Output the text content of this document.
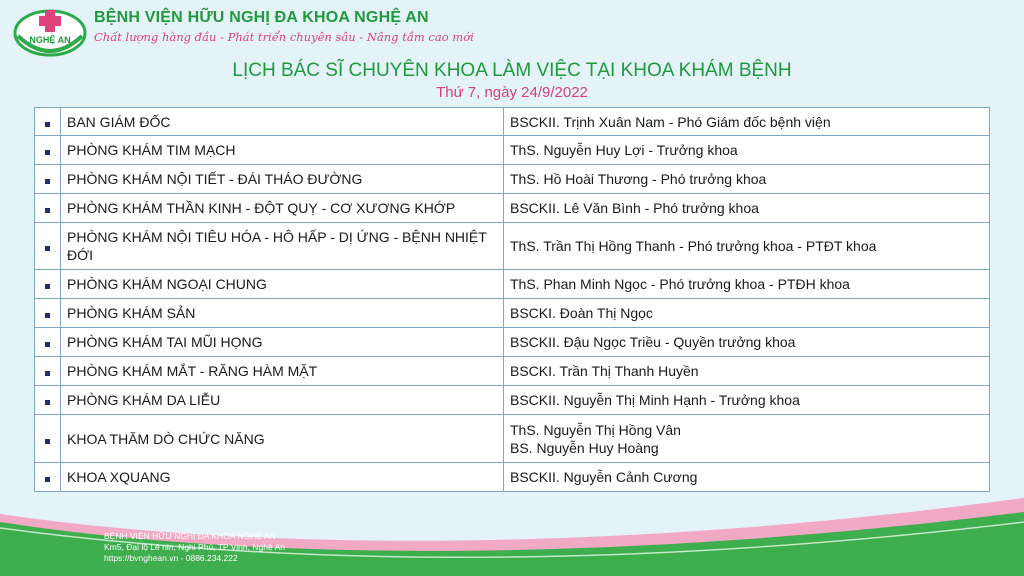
NGHỆ AN
BỆNH VIỆN HỮU NGHỊ ĐA KHOA NGHỆ AN
Chất lượng hàng đầu - Phát triển chuyên sâu - Nâng tầm cao mới
LỊCH BÁC SĨ CHUYÊN KHOA LÀM VIỆC TẠI KHOA KHÁM BỆNH
Thứ 7, ngày 24/9/2022
	BAN GIÁM ĐỐC	BSCKII. Trịnh Xuân Nam - Phó Giám đốc bệnh viện
	PHÒNG KHÁM TIM MẠCH	ThS. Nguyễn Huy Lợi - Trưởng khoa
	PHÒNG KHÁM NỘI TIẾT - ĐÁI THÁO ĐƯỜNG	ThS. Hồ Hoài Thương - Phó trưởng khoa
	PHÒNG KHÁM THẦN KINH - ĐỘT QUỴ - CƠ XƯƠNG KHỚP	BSCKII. Lê Văn Bình - Phó trưởng khoa
	PHÒNG KHÁM NỘI TIÊU HÓA - HÔ HẤP - DỊ ỨNG - BỆNH NHIỆT ĐỚI	ThS. Trần Thị Hồng Thanh - Phó trưởng khoa - PTĐT khoa
	PHÒNG KHÁM NGOẠI CHUNG	ThS. Phan Minh Ngọc - Phó trưởng khoa - PTĐH khoa
	PHÒNG KHÁM SẢN	BSCKI. Đoàn Thị Ngọc
	PHÒNG KHÁM TAI MŨI HỌNG	BSCKII. Đậu Ngọc Triều - Quyền trưởng khoa
	PHÒNG KHÁM MẮT - RĂNG HÀM MẶT	BSCKI. Trần Thị Thanh Huyền
	PHÒNG KHÁM DA LIỄU	BSCKII. Nguyễn Thị Minh Hạnh - Trưởng khoa
	KHOA THĂM DÒ CHỨC NĂNG	ThS. Nguyễn Thị Hồng Vân
BS. Nguyễn Huy Hoàng

	KHOA XQUANG	BSCKII. Nguyễn Cảnh Cương
BỆNH VIỆN HỮU NGHỊ ĐA KHOA NGHỆ AN
Km5, Đại lộ Lê nin, Nghi Phú, TP Vinh, Nghệ An
https://bvnghean.vn - 0886.234.222
